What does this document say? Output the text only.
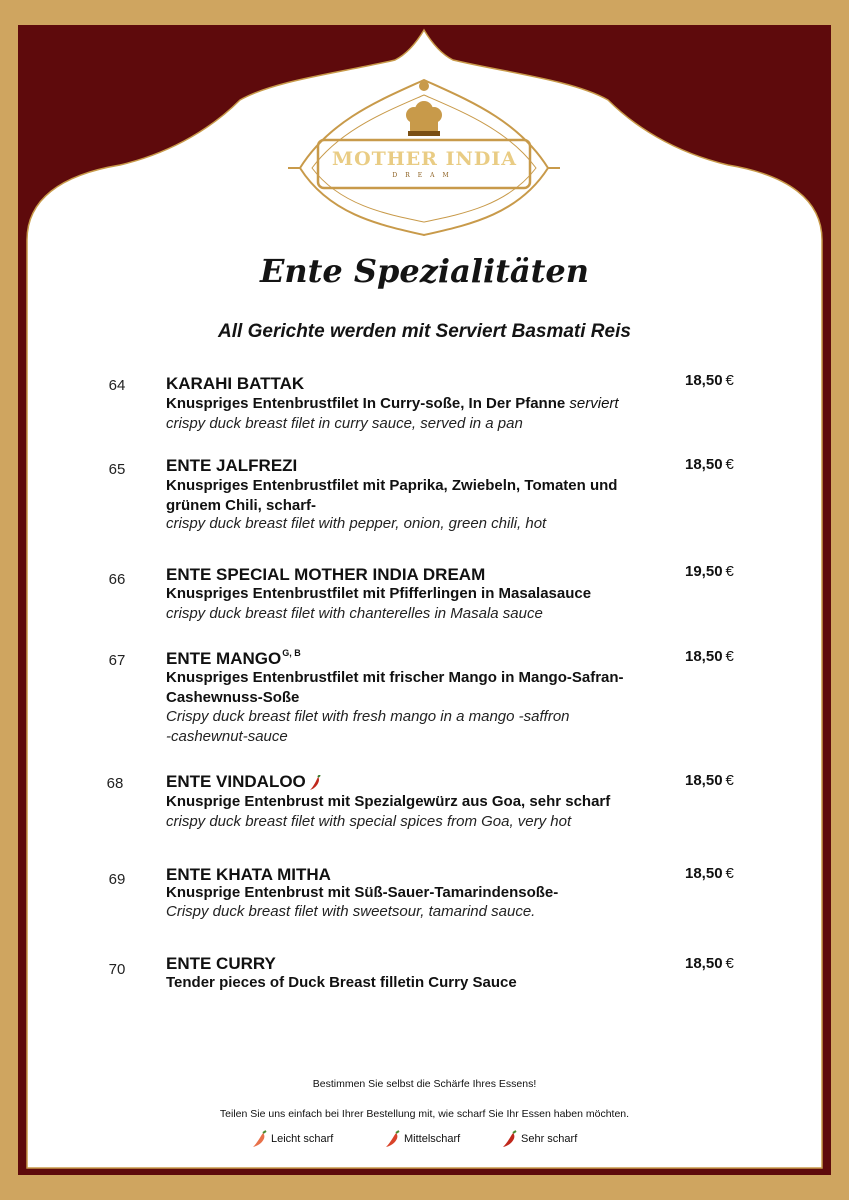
MOTHER INDIA
DREAM
Ente Spezialitäten
All Gerichte werden mit Serviert Basmati Reis
64	KARAHI BATTAK	18,50 €
Knuspriges Entenbrustfilet In Curry-soße, In Der Pfanne serviert
crispy duck breast filet in curry sauce, served in a pan
65	ENTE JALFREZI	18,50 €
Knuspriges Entenbrustfilet mit Paprika, Zwiebeln, Tomaten und grünem Chili, scharf-
crispy duck breast filet with pepper, onion, green chili, hot
66	ENTE SPECIAL MOTHER INDIA DREAM	19,50 €
Knuspriges Entenbrustfilet mit Pfifferlingen in Masalasauce
crispy duck breast filet with chanterelles in Masala sauce
67	ENTE $MANGO^{G, B}$	18,50 €
Knuspriges Entenbrustfilet mit frischer Mango in Mango-Safran-Cashewnuss-Soße
Crispy duck breast filet with fresh mango in a mango -saffron -cashewnut-sauce
68	ENTE VINDALOO	18,50 €
Knusprige Entenbrust mit Spezialgewürz aus Goa, sehr scharf
crispy duck breast filet with special spices from Goa, very hot
69	ENTE KHATA MITHA	18,50 €
Knusprige Entenbrust mit Süß-Sauer-Tamarindensoße-
Crispy duck breast filet with sweetsour, tamarind sauce.
70	ENTE CURRY	18,50 €
Tender pieces of Duck Breast filletin Curry Sauce
Bestimmen Sie selbst die Schärfe Ihres Essens!
Teilen Sie uns einfach bei Ihrer Bestellung mit, wie scharf Sie Ihr Essen haben möchten.
Leicht scharf	Mittelscharf	Sehr scharf
